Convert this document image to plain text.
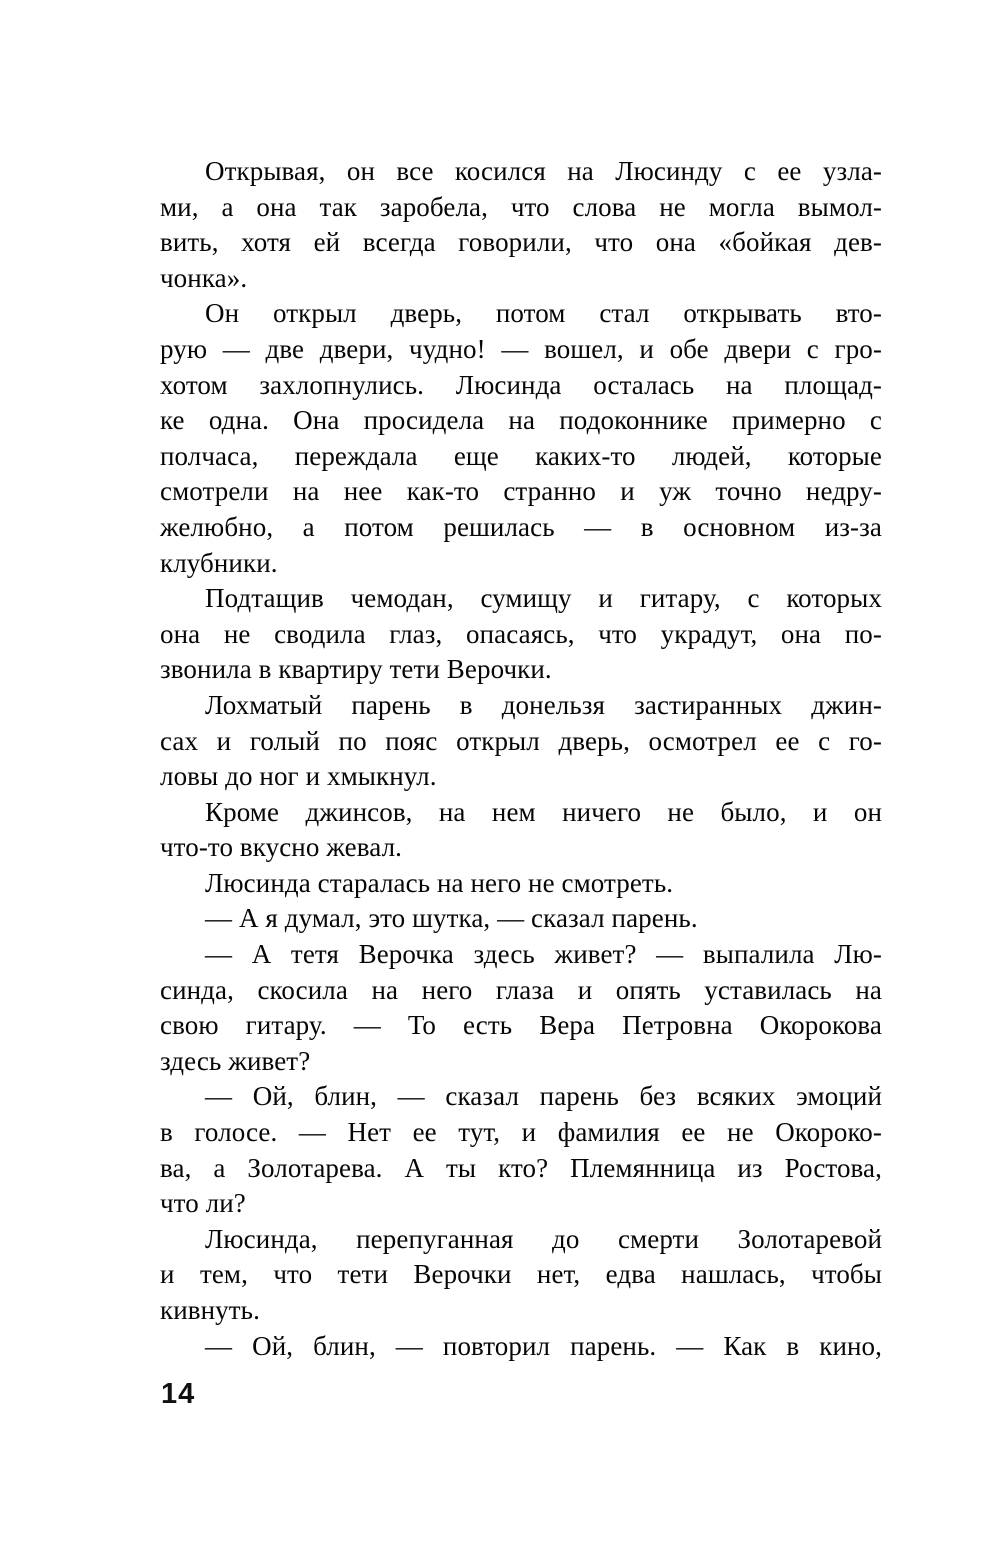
Открывая, он все косился на Люсинду с ее узла-
ми, а она так заробела, что слова не могла вымол-
вить, хотя ей всегда говорили, что она «бойкая дев-
чонка».
Он открыл дверь, потом стал открывать вто-
рую — две двери, чудно! — вошел, и обе двери с гро-
хотом захлопнулись. Люсинда осталась на площад-
ке одна. Она просидела на подоконнике примерно с
полчаса, переждала еще каких-то людей, которые
смотрели на нее как-то странно и уж точно недру-
желюбно, а потом решилась — в основном из-за
клубники.
Подтащив чемодан, сумищу и гитару, с которых
она не сводила глаз, опасаясь, что украдут, она по-
звонила в квартиру тети Верочки.
Лохматый парень в донельзя застиранных джин-
сах и голый по пояс открыл дверь, осмотрел ее с го-
ловы до ног и хмыкнул.
Кроме джинсов, на нем ничего не было, и он
что-то вкусно жевал.
Люсинда старалась на него не смотреть.
— А я думал, это шутка, — сказал парень.
— А тетя Верочка здесь живет? — выпалила Лю-
синда, скосила на него глаза и опять уставилась на
свою гитару. — То есть Вера Петровна Окорокова
здесь живет?
— Ой, блин, — сказал парень без всяких эмоций
в голосе. — Нет ее тут, и фамилия ее не Окороко-
ва, а Золотарева. А ты кто? Племянница из Ростова,
что ли?
Люсинда, перепуганная до смерти Золотаревой
и тем, что тети Верочки нет, едва нашлась, чтобы
кивнуть.
— Ой, блин, — повторил парень. — Как в кино,
14
